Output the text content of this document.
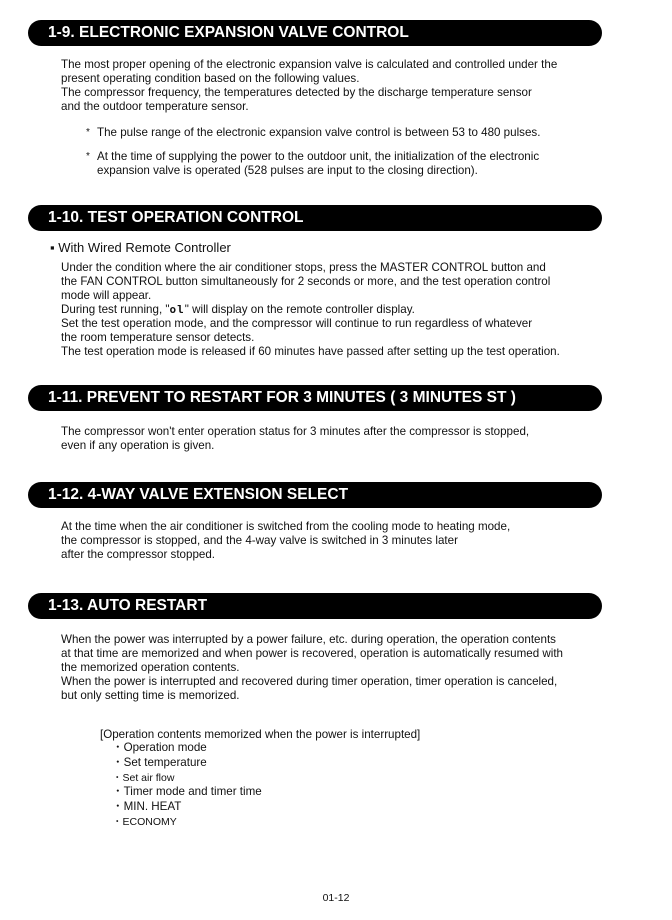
1-9. ELECTRONIC EXPANSION VALVE CONTROL
The most proper opening of the electronic expansion valve is calculated and controlled under the
present operating condition based on the following values.
The compressor frequency, the temperatures detected by the discharge temperature sensor
and the outdoor temperature sensor.
* The pulse range of the electronic expansion valve control is between 53 to 480 pulses.
* At the time of supplying the power to the outdoor unit, the initialization of the electronic
expansion valve is operated (528 pulses are input to the closing direction).
1-10. TEST OPERATION CONTROL
▪ With Wired Remote Controller
Under the condition where the air conditioner stops, press the MASTER CONTROL button and
the FAN CONTROL button simultaneously for 2 seconds or more, and the test operation control
mode will appear.
During test running, "ol" will display on the remote controller display.
Set the test operation mode, and the compressor will continue to run regardless of whatever
the room temperature sensor detects.
The test operation mode is released if 60 minutes have passed after setting up the test operation.
1-11. PREVENT TO RESTART FOR 3 MINUTES ( 3 MINUTES ST )
The compressor won't enter operation status for 3 minutes after the compressor is stopped,
even if any operation is given.
1-12. 4-WAY VALVE EXTENSION SELECT
At the time when the air conditioner is switched from the cooling mode to heating mode,
the compressor is stopped, and the 4-way valve is switched in 3 minutes later
after the compressor stopped.
1-13. AUTO RESTART
When the power was interrupted by a power failure, etc. during operation, the operation contents
at that time are memorized and when power is recovered, operation is automatically resumed with
the memorized operation contents.
When the power is interrupted and recovered during timer operation, timer operation is canceled,
but only setting time is memorized.
[Operation contents memorized when the power is interrupted]
・Operation mode
・Set temperature
・Set air flow
・Timer mode and timer time
・MIN. HEAT
・ECONOMY
01-12
